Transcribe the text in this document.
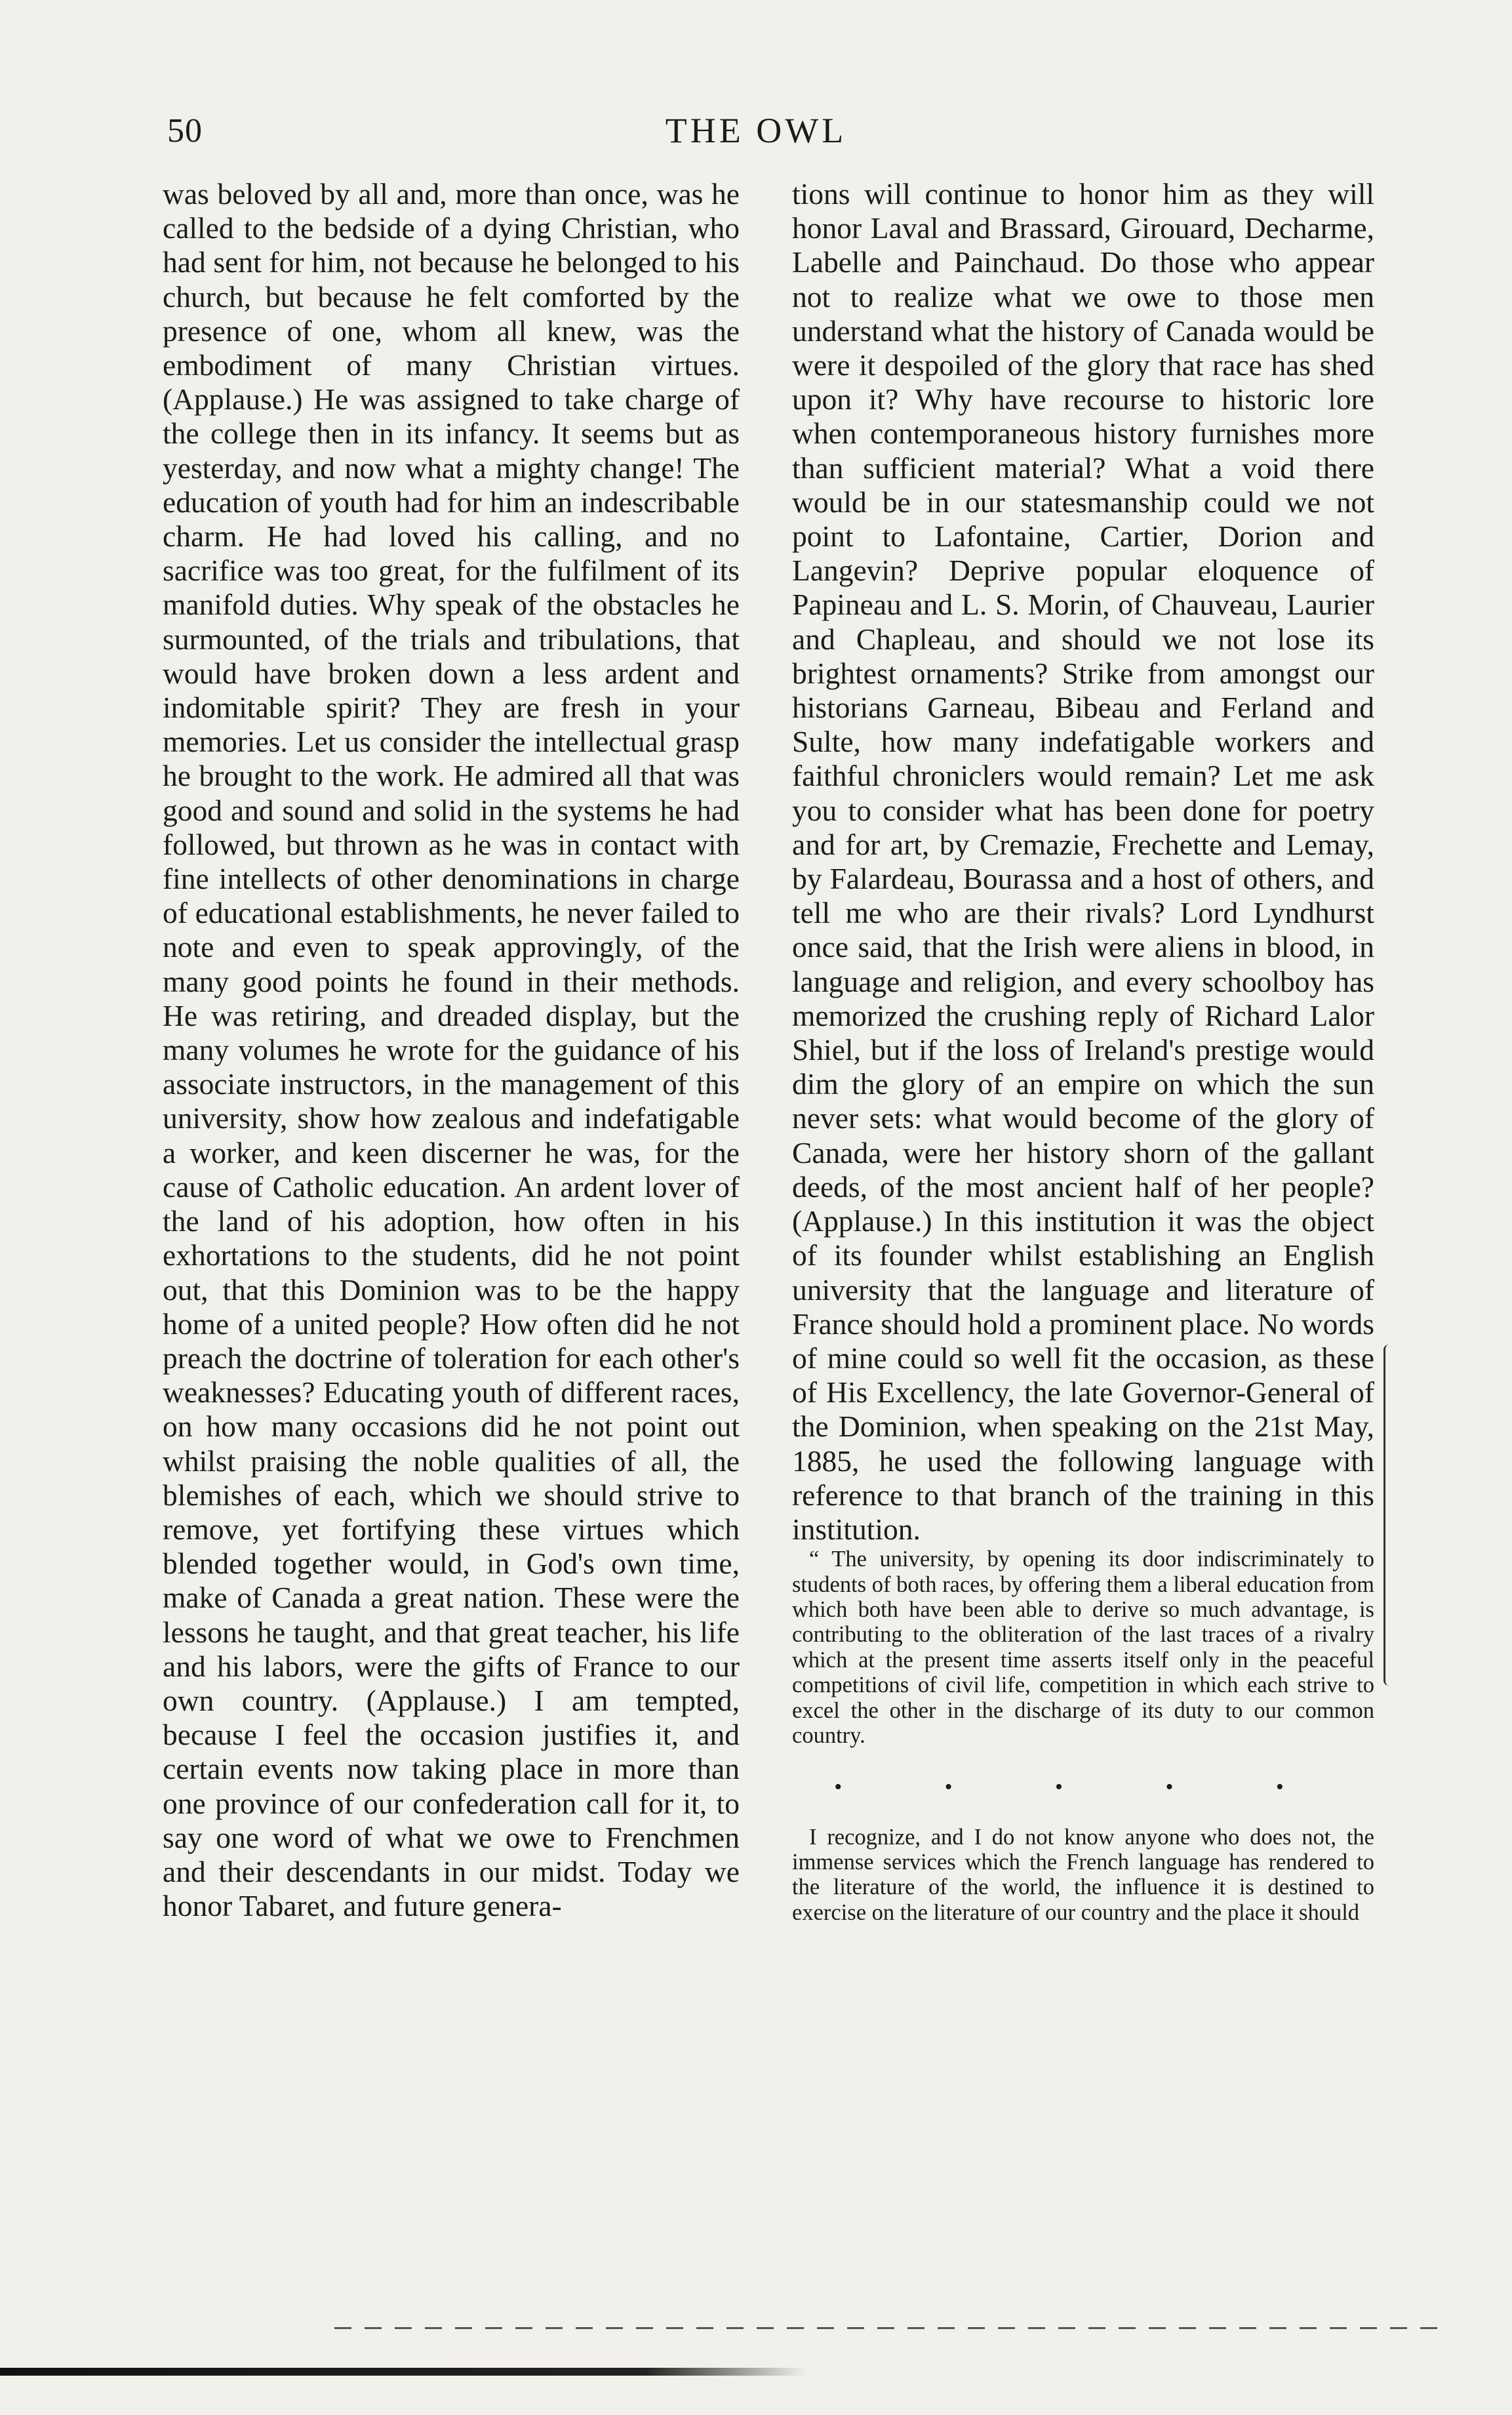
50	THE OWL

was beloved by all and, more than once, was he called to the bedside of a dying Christian, who had sent for him, not because he belonged to his church, but because he felt comforted by the presence of one, whom all knew, was the embodiment of many Christian virtues. (Applause.) He was assigned to take charge of the college then in its infancy. It seems but as yesterday, and now what a mighty change! The education of youth had for him an indescribable charm. He had loved his calling, and no sacrifice was too great, for the fulfilment of its manifold duties. Why speak of the obstacles he surmounted, of the trials and tribulations, that would have broken down a less ardent and indomitable spirit? They are fresh in your memories. Let us consider the intellectual grasp he brought to the work. He admired all that was good and sound and solid in the systems he had followed, but thrown as he was in contact with fine intellects of other denominations in charge of educational establishments, he never failed to note and even to speak approvingly, of the many good points he found in their methods. He was retiring, and dreaded display, but the many volumes he wrote for the guidance of his associate instructors, in the management of this university, show how zealous and indefatigable a worker, and keen discerner he was, for the cause of Catholic education. An ardent lover of the land of his adoption, how often in his exhortations to the students, did he not point out, that this Dominion was to be the happy home of a united people? How often did he not preach the doctrine of toleration for each other's weaknesses? Educating youth of different races, on how many occasions did he not point out whilst praising the noble qualities of all, the blemishes of each, which we should strive to remove, yet fortifying these virtues which blended together would, in God's own time, make of Canada a great nation. These were the lessons he taught, and that great teacher, his life and his labors, were the gifts of France to our own country. (Applause.) I am tempted, because I feel the occasion justifies it, and certain events now taking place in more than one province of our confederation call for it, to say one word of what we owe to Frenchmen and their descendants in our midst. Today we honor Tabaret, and future genera-

tions will continue to honor him as they will honor Laval and Brassard, Girouard, Decharme, Labelle and Painchaud. Do those who appear not to realize what we owe to those men understand what the history of Canada would be were it despoiled of the glory that race has shed upon it? Why have recourse to historic lore when contemporaneous history furnishes more than sufficient material? What a void there would be in our statesmanship could we not point to Lafontaine, Cartier, Dorion and Langevin? Deprive popular eloquence of Papineau and L. S. Morin, of Chauveau, Laurier and Chapleau, and should we not lose its brightest ornaments? Strike from amongst our historians Garneau, Bibeau and Ferland and Sulte, how many indefatigable workers and faithful chroniclers would remain? Let me ask you to consider what has been done for poetry and for art, by Cremazie, Frechette and Lemay, by Falardeau, Bourassa and a host of others, and tell me who are their rivals? Lord Lyndhurst once said, that the Irish were aliens in blood, in language and religion, and every schoolboy has memorized the crushing reply of Richard Lalor Shiel, but if the loss of Ireland's prestige would dim the glory of an empire on which the sun never sets: what would become of the glory of Canada, were her history shorn of the gallant deeds, of the most ancient half of her people? (Applause.) In this institution it was the object of its founder whilst establishing an English university that the language and literature of France should hold a prominent place. No words of mine could so well fit the occasion, as these of His Excellency, the late Governor-General of the Dominion, when speaking on the 21st May, 1885, he used the following language with reference to that branch of the training in this institution.

“ The university, by opening its door indiscriminately to students of both races, by offering them a liberal education from which both have been able to derive so much advantage, is contributing to the obliteration of the last traces of a rivalry which at the present time asserts itself only in the peaceful competitions of civil life, competition in which each strive to excel the other in the discharge of its duty to our common country.

• • • • •

I recognize, and I do not know anyone who does not, the immense services which the French language has rendered to the literature of the world, the influence it is destined to exercise on the literature of our country and the place it should
